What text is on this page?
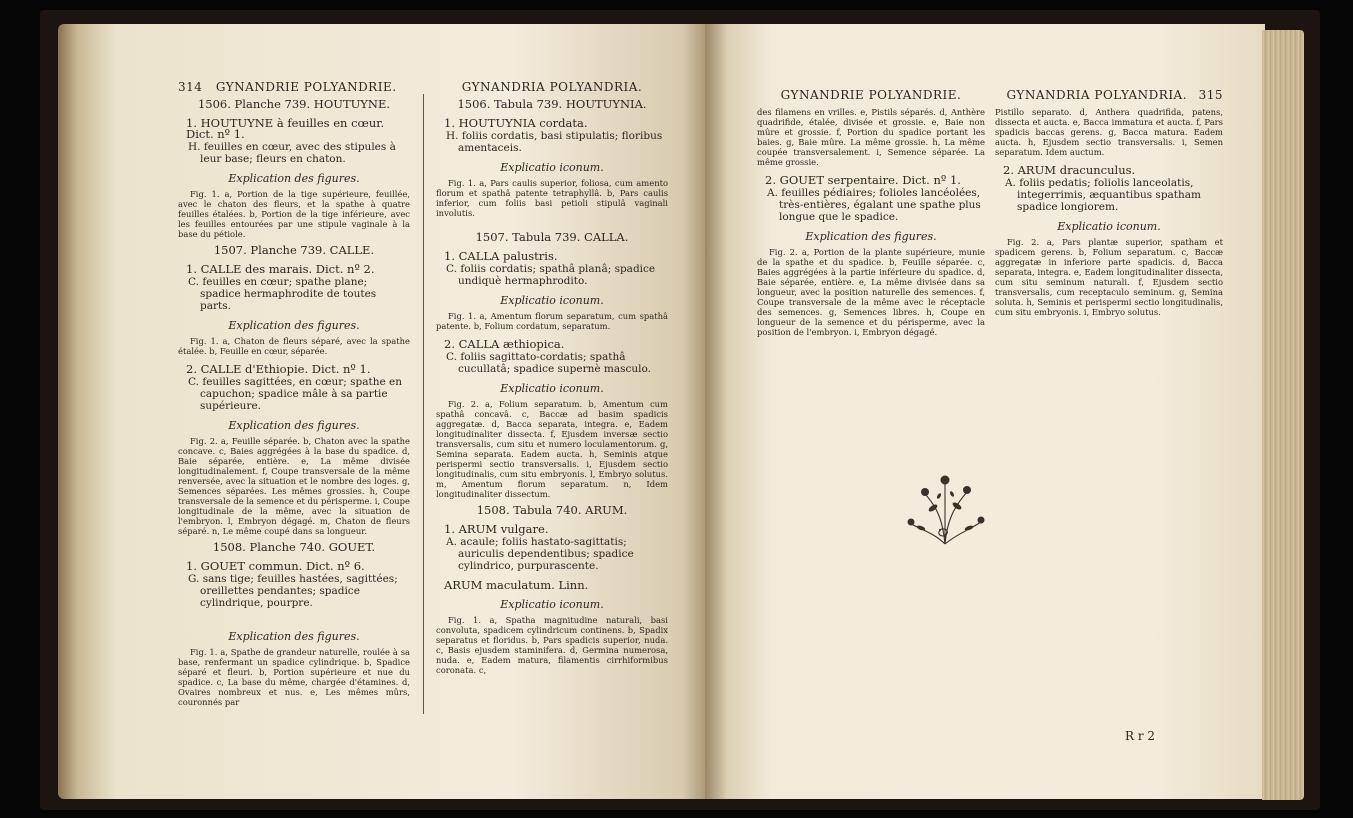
314 GYNANDRIE POLYANDRIE.
1506. Planche 739. HOUTUYNE.
1. HOUTUYNE à feuilles en cœur. Dict. nº 1.
H. feuilles en cœur, avec des stipules à leur base; fleurs en chaton.
Explication des figures.
Fig. 1. a, Portion de la tige supérieure, feuillée, avec le chaton des fleurs, et la spathe à quatre feuilles étalées. b, Portion de la tige inférieure, avec les feuilles entourées par une stipule vaginale à la base du pétiole.
1507. Planche 739. CALLE.
1. CALLE des marais. Dict. nº 2.
C. feuilles en cœur; spathe plane; spadice hermaphrodite de toutes parts.
Explication des figures.
Fig. 1. a, Chaton de fleurs séparé, avec la spathe étalée. b, Feuille en cœur, séparée.
2. CALLE d'Ethiopie. Dict. nº 1.
C. feuilles sagittées, en cœur; spathe en capuchon; spadice mâle à sa partie supérieure.
Explication des figures.
Fig. 2. a, Feuille séparée. b, Chaton avec la spathe concave. c, Baies aggrégées à la base du spadice. d, Baie séparée, entière. e, La même divisée longitudinalement. f, Coupe transversale de la même renversée, avec la situation et le nombre des loges. g, Semences séparées. Les mêmes grossies. h, Coupe transversale de la semence et du périsperme. i, Coupe longitudinale de la même, avec la situation de l'embryon. l, Embryon dégagé. m, Chaton de fleurs séparé. n, Le même coupé dans sa longueur.
1508. Planche 740. GOUET.
1. GOUET commun. Dict. nº 6.
G. sans tige; feuilles hastées, sagittées; oreillettes pendantes; spadice cylindrique, pourpre.
Explication des figures.
Fig. 1. a, Spathe de grandeur naturelle, roulée à sa base, renfermant un spadice cylindrique. b, Spadice séparé et fleuri. b, Portion supérieure et nue du spadice. c, La base du même, chargée d'étamines. d, Ovaires nombreux et nus. e, Les mêmes mûrs, couronnés par
GYNANDRIA POLYANDRIA.
1506. Tabula 739. HOUTUYNIA.
1. HOUTUYNIA cordata.
H. foliis cordatis, basi stipulatis; floribus amentaceis.
Explicatio iconum.
Fig. 1. a, Pars caulis superior, foliosa, cum amento florum et spathâ patente tetraphyllâ. b, Pars caulis inferior, cum foliis basi petioli stipulâ vaginali involutis.
1507. Tabula 739. CALLA.
1. CALLA palustris.
C. foliis cordatis; spathâ planâ; spadice undiquè hermaphrodito.
Explicatio iconum.
Fig. 1. a, Amentum florum separatum, cum spathâ patente. b, Folium cordatum, separatum.
2. CALLA æthiopica.
C. foliis sagittato-cordatis; spathâ cucullatâ; spadice supernè masculo.
Explicatio iconum.
Fig. 2. a, Folium separatum. b, Amentum cum spathâ concavâ. c, Baccæ ad basim spadicis aggregatæ. d, Bacca separata, integra. e, Eadem longitudinaliter dissecta. f, Ejusdem inversæ sectio transversalis, cum situ et numero loculamentorum. g, Semina separata. Eadem aucta. h, Seminis atque perispermi sectio transversalis. i, Ejusdem sectio longitudinalis, cum situ embryonis. l, Embryo solutus. m, Amentum florum separatum. n, Idem longitudinaliter dissectum.
1508. Tabula 740. ARUM.
1. ARUM vulgare.
A. acaule; foliis hastato-sagittatis; auriculis dependentibus; spadice cylindrico, purpurascente.
ARUM maculatum. Linn.
Explicatio iconum.
Fig. 1. a, Spatha magnitudine naturali, basi convoluta, spadicem cylindricum continens. b, Spadix separatus et floridus. b, Pars spadicis superior, nuda. c, Basis ejusdem staminifera. d, Germina numerosa, nuda. e, Eadem matura, filamentis cirrhiformibus coronata. c,
GYNANDRIE POLYANDRIE.
des filamens en vrilles. e, Pistils séparés. d, Anthère quadrifide, étalée, divisée et grossie. e, Baie non mûre et grossie. f, Portion du spadice portant les baies. g, Baie mûre. La même grossie. h, La même coupée transversalement. i, Semence séparée. La même grossie.
2. GOUET serpentaire. Dict. nº 1.
A. feuilles pédiaires; folioles lancéolées, très-entières, égalant une spathe plus longue que le spadice.
Explication des figures.
Fig. 2. a, Portion de la plante supérieure, munie de la spathe et du spadice. b, Feuille séparée. c, Baies aggrégées à la partie inférieure du spadice. d, Baie séparée, entière. e, La même divisée dans sa longueur, avec la position naturelle des semences. f, Coupe transversale de la même avec le réceptacle des semences. g, Semences libres. h, Coupe en longueur de la semence et du périsperme, avec la position de l'embryon. i, Embryon dégagé.
GYNANDRIA POLYANDRIA. 315
Pistillo separato. d, Anthera quadrifida, patens, dissecta et aucta. e, Bacca immatura et aucta. f, Pars spadicis baccas gerens. g, Bacca matura. Eadem aucta. h, Ejusdem sectio transversalis. i, Semen separatum. Idem auctum.
2. ARUM dracunculus.
A. foliis pedatis; foliolis lanceolatis, integerrimis, æquantibus spatham spadice longiorem.
Explicatio iconum.
Fig. 2. a, Pars plantæ superior, spatham et spadicem gerens. b, Folium separatum. c, Baccæ aggregatæ in inferiore parte spadicis. d, Bacca separata, integra. e, Eadem longitudinaliter dissecta, cum situ seminum naturali. f, Ejusdem sectio transversalis, cum receptaculo seminum. g, Semina soluta. h, Seminis et perispermi sectio longitudinalis, cum situ embryonis. i, Embryo solutus.
R r 2
